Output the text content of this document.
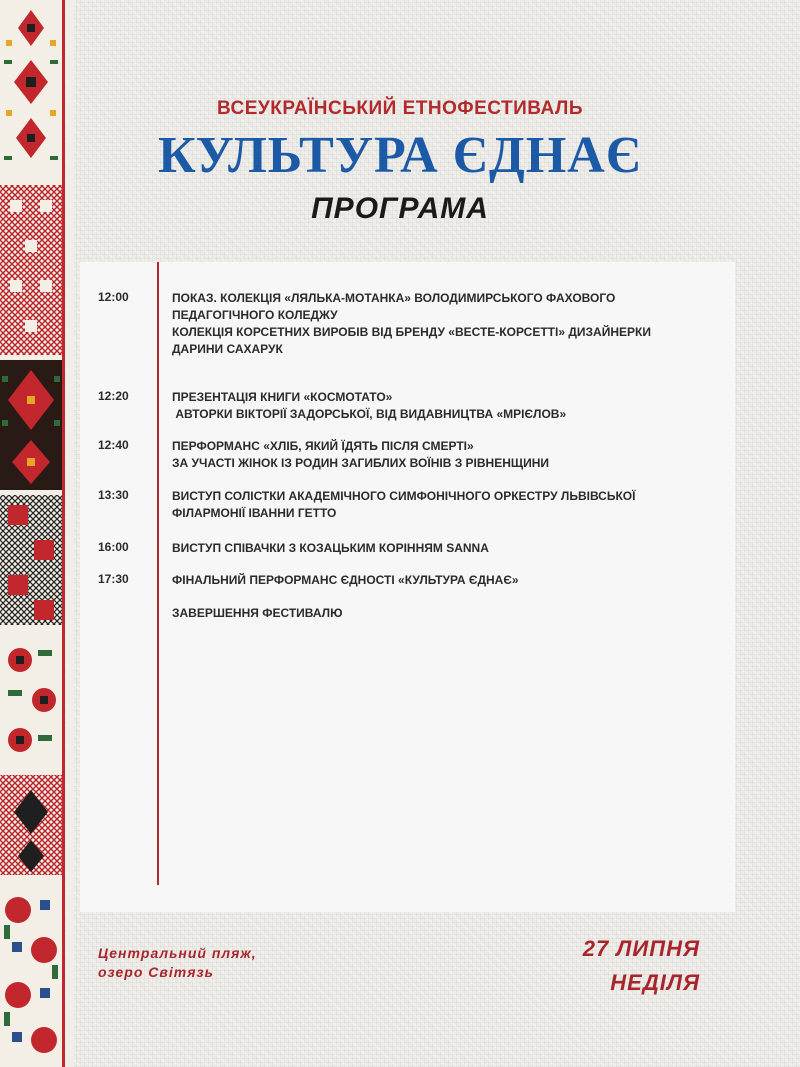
ВСЕУКРАЇНСЬКИЙ ЕТНОФЕСТИВАЛЬ
КУЛЬТУРА ЄДНАЄ
ПРОГРАМА
12:00	ПОКАЗ. КОЛЕКЦІЯ «ЛЯЛЬКА-МОТАНКА» ВОЛОДИМИРСЬКОГО ФАХОВОГО
ПЕДАГОГІЧНОГО КОЛЕДЖУ
КОЛЕКЦІЯ КОРСЕТНИХ ВИРОБІВ ВІД БРЕНДУ «ВЕСТЕ-КОРСЕТТІ» ДИЗАЙНЕРКИ
ДАРИНИ САХАРУК
12:20	ПРЕЗЕНТАЦІЯ КНИГИ «КОСМОТАТО»
АВТОРКИ ВІКТОРІЇ ЗАДОРСЬКОЇ, ВІД ВИДАВНИЦТВА «МРІЄЛОВ»
12:40	ПЕРФОРМАНС «ХЛІБ, ЯКИЙ ЇДЯТЬ ПІСЛЯ СМЕРТІ»
ЗА УЧАСТІ ЖІНОК ІЗ РОДИН ЗАГИБЛИХ ВОЇНІВ З РІВНЕНЩИНИ
13:30	ВИСТУП СОЛІСТКИ АКАДЕМІЧНОГО СИМФОНІЧНОГО ОРКЕСТРУ ЛЬВІВСЬКОЇ
ФІЛАРМОНІЇ ІВАННИ ГЕТТО
16:00	ВИСТУП СПІВАЧКИ З КОЗАЦЬКИМ КОРІННЯМ SANNA
17:30	ФІНАЛЬНИЙ ПЕРФОРМАНС ЄДНОСТІ «КУЛЬТУРА ЄДНАЄ»
ЗАВЕРШЕННЯ ФЕСТИВАЛЮ
Центральний пляж,
озеро Світязь
27 ЛИПНЯ
НЕДІЛЯ
